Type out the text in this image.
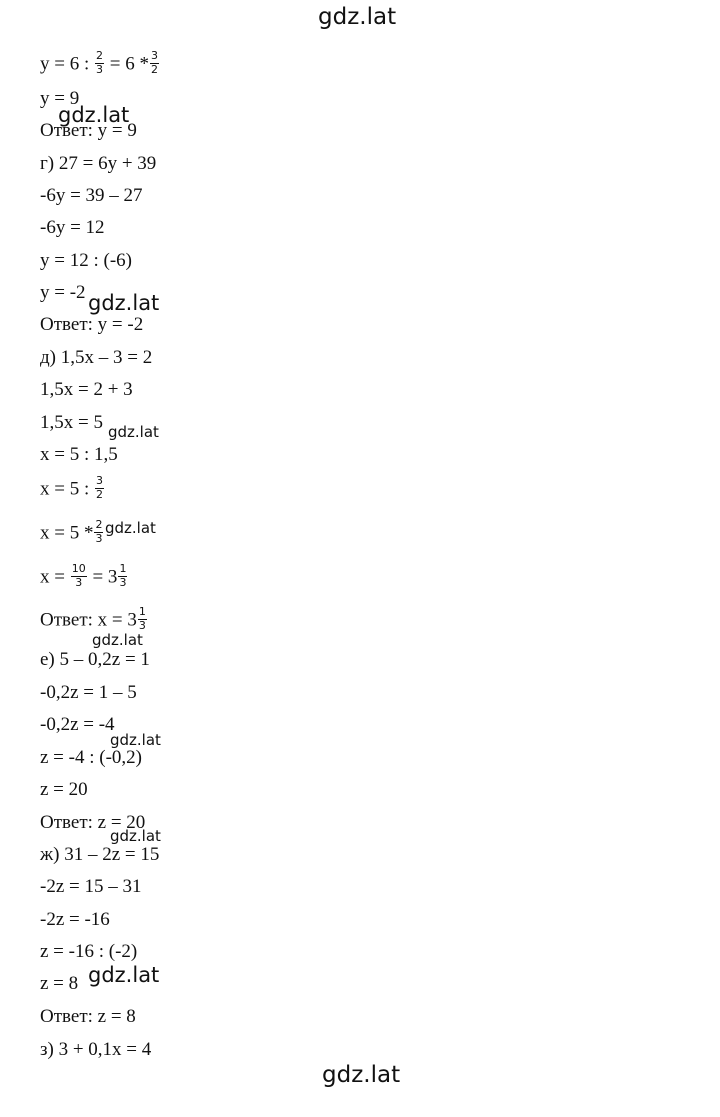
gdz.lat
gdz.lat
gdz.lat
gdz.lat
gdz.lat
gdz.lat
gdz.lat
gdz.lat
gdz.lat
gdz.lat
y = 6 : $\frac{2}{3} = 6 * \frac{3}{2}$
y = 9
Ответ: y = 9
г) 27 = 6y + 39
-6y = 39 – 27
-6y = 12
y = 12 : (-6)
y = -2
Ответ: y = -2
д) 1,5x – 3 = 2
1,5x = 2 + 3
1,5x = 5
x = 5 : 1,5
x = 5 : $\frac{3}{2}$
$x = 5 * \frac{2}{3}$
$x = \frac{10}{3} = 3 \frac{1}{3}$
Ответ: $x = 3 \frac{1}{3}$
е) 5 – 0,2z = 1
-0,2z = 1 – 5
-0,2z = -4
z = -4 : (-0,2)
z = 20
Ответ: z = 20
ж) 31 – 2z = 15
-2z = 15 – 31
-2z = -16
z = -16 : (-2)
z = 8
Ответ: z = 8
з) 3 + 0,1x = 4
